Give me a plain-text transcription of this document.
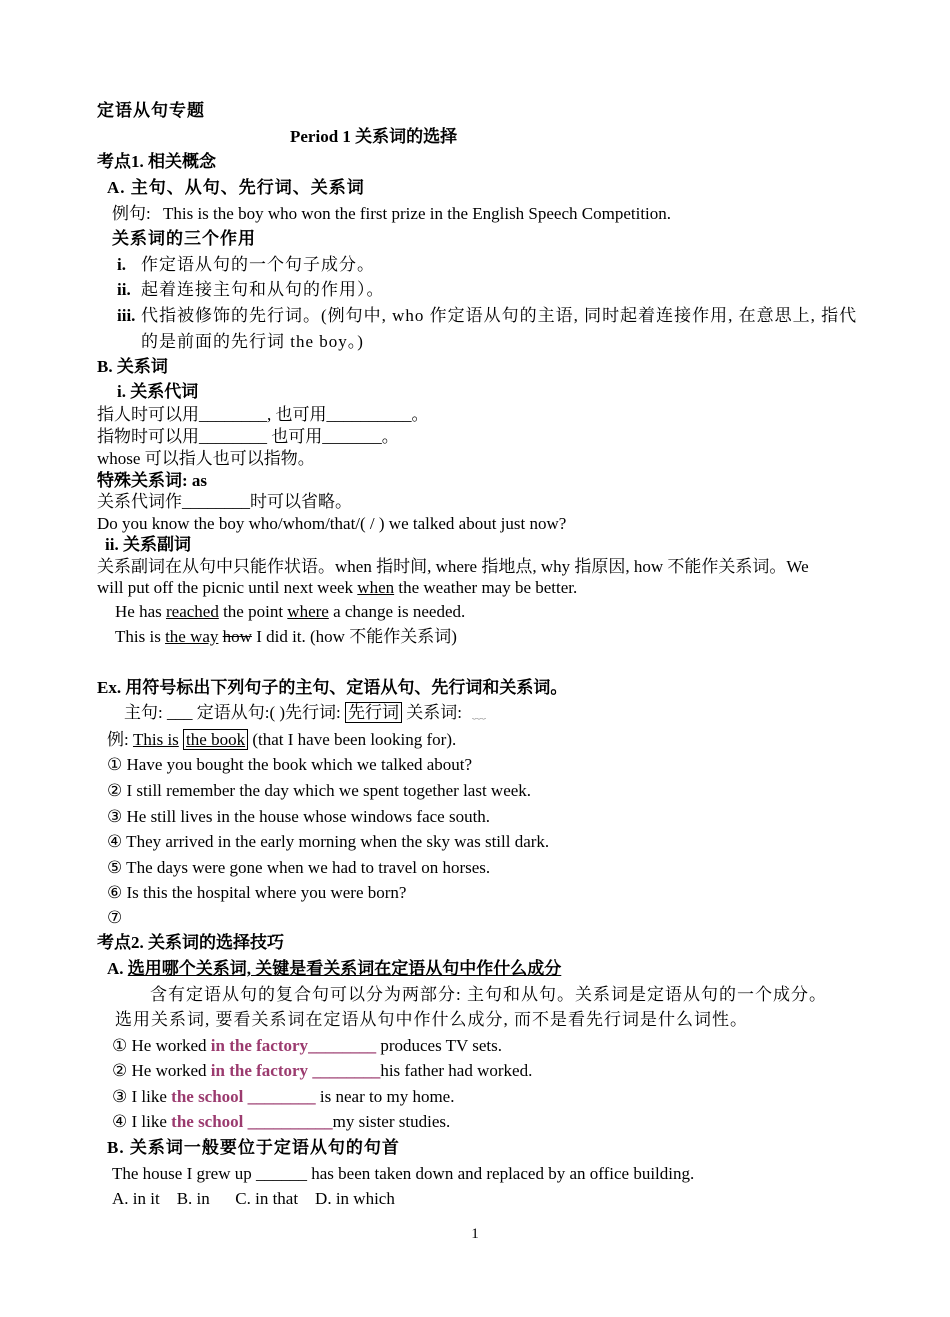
定语从句专题
Period 1 关系词的选择
考点1. 相关概念
A. 主句、从句、先行词、关系词
例句: This is the boy who won the first prize in the English Speech Competition.
关系词的三个作用
i. 作定语从句的一个句子成分。
ii. 起着连接主句和从句的作用）。
iii. 代指被修饰的先行词。(例句中, who 作定语从句的主语, 同时起着连接作用, 在意思上, 指代
的是前面的先行词 the boy。)
B. 关系词
i. 关系代词
指人时可以用________, 也可用__________。
指物时可以用________ 也可用_______。
whose 可以指人也可以指物。
特殊关系词: as
关系代词作________时可以省略。
Do you know the boy who/whom/that/( / ) we talked about just now?
ii. 关系副词
关系副词在从句中只能作状语。when 指时间, where 指地点, why 指原因, how 不能作关系词。We
will put off the picnic until next week when the weather may be better.
He has reached the point where a change is needed.
This is the way how I did it. (how 不能作关系词)
Ex. 用符号标出下列句子的主句、定语从句、先行词和关系词。
主句: ___ 定语从句:( )先行词: 先行词 关系词: ﹏
例: This is the book (that I have been looking for).
① Have you bought the book which we talked about?
② I still remember the day which we spent together last week.
③ He still lives in the house whose windows face south.
④ They arrived in the early morning when the sky was still dark.
⑤ The days were gone when we had to travel on horses.
⑥ Is this the hospital where you were born?
⑦
考点2. 关系词的选择技巧
A. 选用哪个关系词, 关键是看关系词在定语从句中作什么成分
含有定语从句的复合句可以分为两部分: 主句和从句。关系词是定语从句的一个成分。
选用关系词, 要看关系词在定语从句中作什么成分, 而不是看先行词是什么词性。
① He worked in the factory________ produces TV sets.
② He worked in the factory ________his father had worked.
③ I like the school ________ is near to my home.
④ I like the school __________my sister studies.
B. 关系词一般要位于定语从句的句首
The house I grew up ______ has been taken down and replaced by an office building.
A. in it    B. in      C. in that    D. in which
1
